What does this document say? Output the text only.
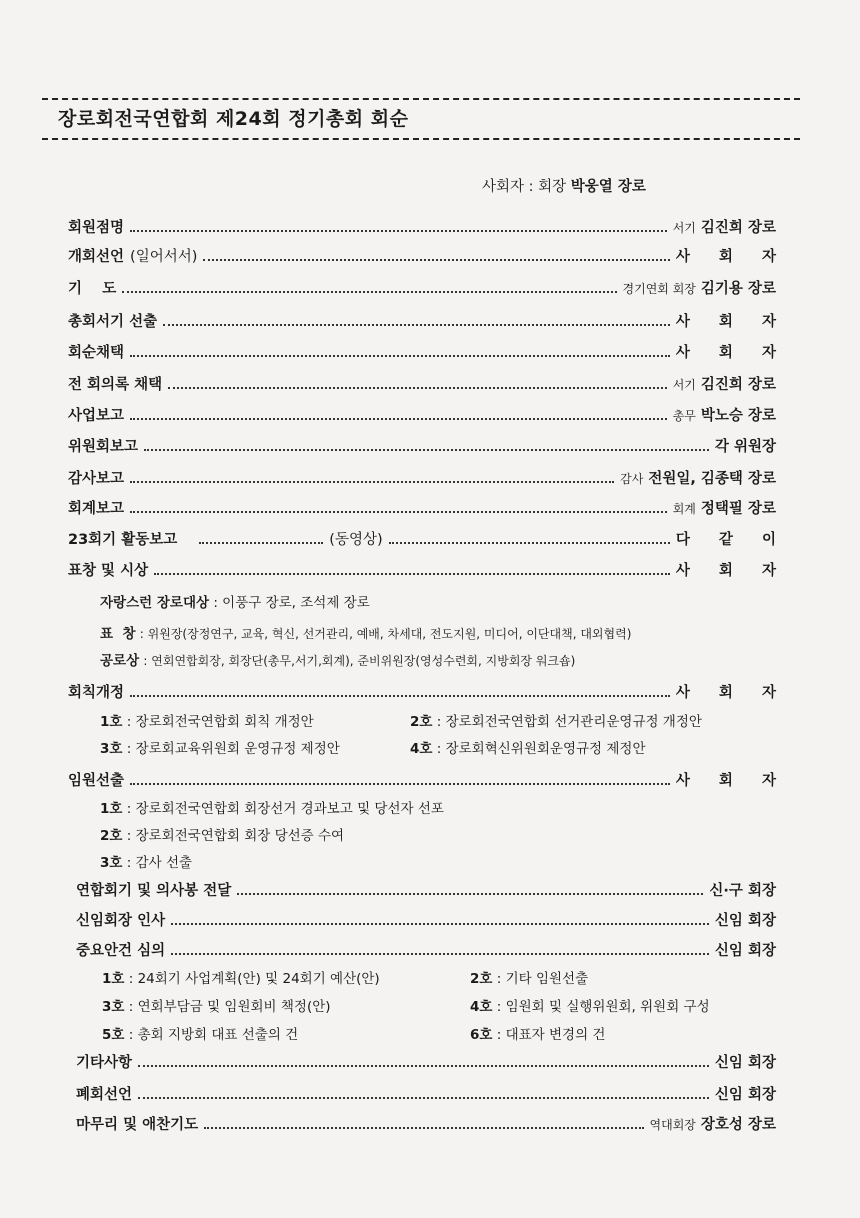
장로회전국연합회 제24회 정기총회 회순
사회자 : 회장 박웅열 장로
회원점명	서기 김진희 장로
개회선언 (일어서서)	사 회 자
기    도	경기연회 회장 김기용 장로
총회서기 선출	사 회 자
회순채택	사 회 자
전 회의록 채택	서기 김진희 장로
사업보고	총무 박노승 장로
위원회보고	각 위원장
감사보고	감사 전원일, 김종택 장로
회계보고	회계 정택필 장로
23회기 활동보고	(동영상)	다 같 이
표창 및 시상	사 회 자
자랑스런 장로대상 : 이풍구 장로, 조석제 장로
표  창 : 위원장(장정연구, 교육, 혁신, 선거관리, 예배, 차세대, 전도지원, 미디어, 이단대책, 대외협력)
공로상 : 연회연합회장, 회장단(총무,서기,회계), 준비위원장(영성수련회, 지방회장 워크숍)
회칙개정	사 회 자
1호 : 장로회전국연합회 회칙 개정안	2호 : 장로회전국연합회 선거관리운영규정 개정안
3호 : 장로회교육위원회 운영규정 제정안	4호 : 장로회혁신위원회운영규정 제정안
임원선출	사 회 자
1호 : 장로회전국연합회 회장선거 경과보고 및 당선자 선포
2호 : 장로회전국연합회 회장 당선증 수여
3호 : 감사 선출
연합회기 및 의사봉 전달	신·구 회장
신임회장 인사	신임 회장
중요안건 심의	신임 회장
1호 : 24회기 사업계획(안) 및 24회기 예산(안)	2호 : 기타 임원선출
3호 : 연회부담금 및 임원회비 책정(안)	4호 : 임원회 및 실행위원회, 위원회 구성
5호 : 총회 지방회 대표 선출의 건	6호 : 대표자 변경의 건
기타사항	신임 회장
폐회선언	신임 회장
마무리 및 애찬기도	역대회장 장호성 장로
